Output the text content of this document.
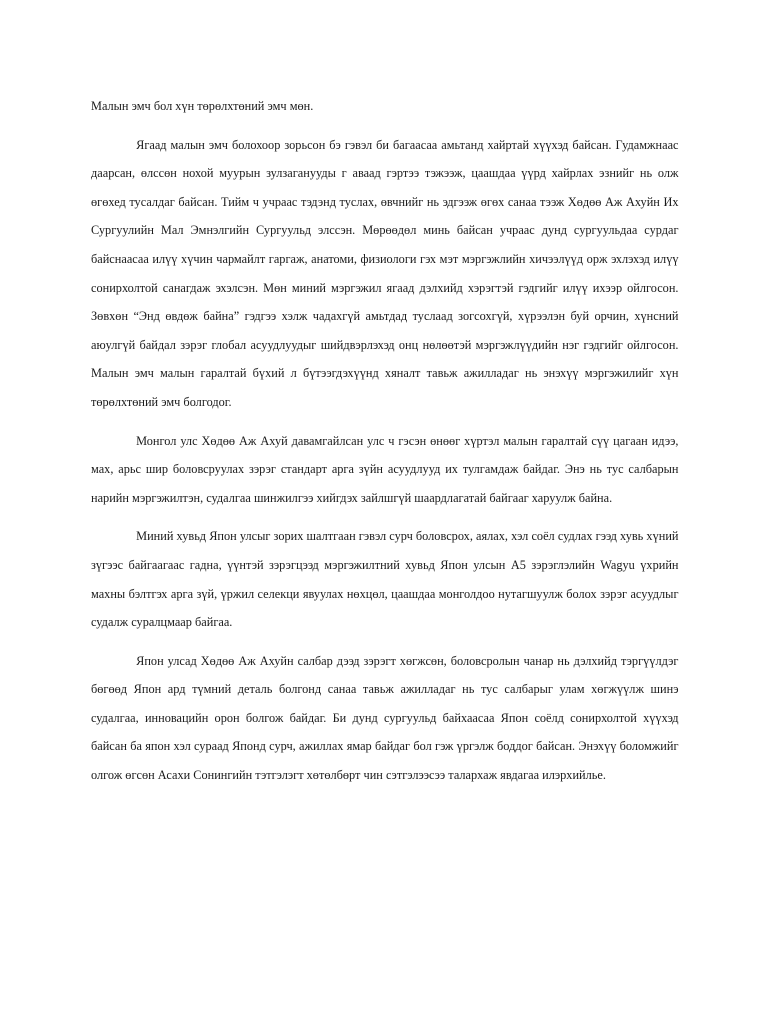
Малын эмч бол хүн төрөлхтөний эмч мөн.

Ягаад малын эмч болохоор зорьсон бэ гэвэл би багаасаа амьтанд хайртай хүүхэд байсан. Гудамжнаас даарсан, өлссөн нохой муурын зулзаганууды г аваад гэртээ тэжээж, цаашдаа үүрд хайрлах эзнийг нь олж өгөхед тусалдаг байсан. Тийм ч учраас тэдэнд туслах, өвчнийг нь эдгээж өгөх санаа тээж Хөдөө Аж Ахуйн Их Сургуулийн Мал Эмнэлгийн Сургуульд элссэн. Мөрөөдөл минь байсан учраас дунд сургуульдаа сурдаг байснаасаа илүү хүчин чармайлт гаргаж, анатоми, физиологи гэх мэт мэргэжлийн хичээлүүд орж эхлэхэд илүү сонирхолтой санагдаж эхэлсэн. Мөн миний мэргэжил ягаад дэлхийд хэрэгтэй гэдгийг илүү ихээр ойлгосон. Зөвхөн “Энд өвдөж байна” гэдгээ хэлж чадахгүй амьтдад туслаад зогсохгүй, хүрээлэн буй орчин, хүнсний аюулгүй байдал зэрэг глобал асуудлуудыг шийдвэрлэхэд онц нөлөөтэй мэргэжлүүдийн нэг гэдгийг ойлгосон. Малын эмч малын гаралтай бүхий л бүтээгдэхүүнд хяналт тавьж ажилладаг нь энэхүү мэргэжилийг хүн төрөлхтөний эмч болгодог.

Монгол улс Хөдөө Аж Ахуй давамгайлсан улс ч гэсэн өнөөг хүртэл малын гаралтай сүү цагаан идээ, мах, арьс шир боловсруулах зэрэг стандарт арга зүйн асуудлууд их тулгамдаж байдаг. Энэ нь тус салбарын нарийн мэргэжилтэн, судалгаа шинжилгээ хийгдэх зайлшгүй шаардлагатай байгааг харуулж байна.

Миний хувьд Япон улсыг зорих шалтгаан гэвэл сурч боловсрох, аялах, хэл соёл судлах гээд хувь хүний зүгээс байгаагаас гадна, үүнтэй зэрэгцээд мэргэжилтний хувьд Япон улсын А5 зэрэглэлийн Wagyu үхрийн махны бэлтгэх арга зүй, үржил селекци явуулах нөхцөл, цаашдаа монголдоо нутагшуулж болох зэрэг асуудлыг судалж суралцмаар байгаа.

Япон улсад Хөдөө Аж Ахуйн салбар дээд зэрэгт хөгжсөн, боловсролын чанар нь дэлхийд тэргүүлдэг бөгөөд Япон ард түмний деталь болгонд санаа тавьж ажилладаг нь тус салбарыг улам хөгжүүлж шинэ судалгаа, инновацийн орон болгож байдаг. Би дунд сургуульд байхаасаа Япон соёлд сонирхолтой хүүхэд байсан ба япон хэл сураад Японд сурч, ажиллах ямар байдаг бол гэж үргэлж боддог байсан. Энэхүү боломжийг олгож өгсөн Асахи Сонингийн тэтгэлэгт хөтөлбөрт чин сэтгэлээсээ талархаж явдагаа илэрхийлье.
